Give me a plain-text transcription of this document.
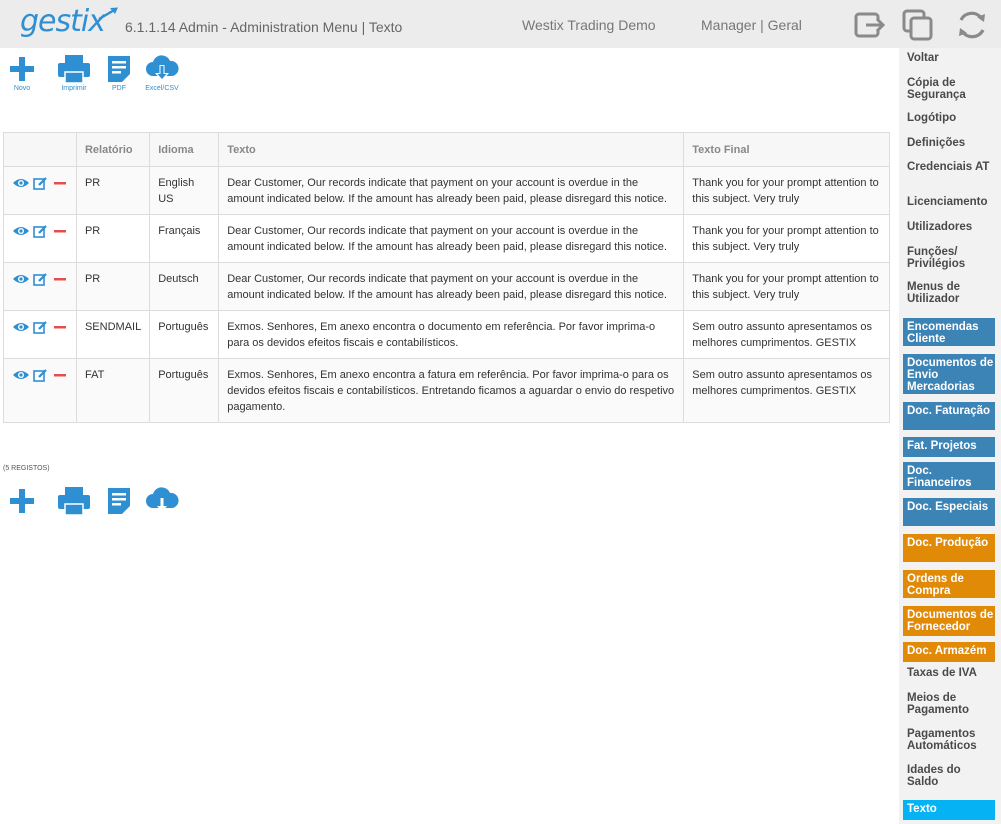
gestix 6.1.1.14 Admin - Administration Menu | Texto	Westix Trading Demo	Manager | Geral
Novo	Imprimir	PDF	Excel/CSV
	Relatório	Idioma	Texto	Texto Final
	PR	English US	Dear Customer, Our records indicate that payment on your account is overdue in the amount indicated below. If the amount has already been paid, please disregard this notice.	Thank you for your prompt attention to this subject. Very truly
	PR	Français	Dear Customer, Our records indicate that payment on your account is overdue in the amount indicated below. If the amount has already been paid, please disregard this notice.	Thank you for your prompt attention to this subject. Very truly
	PR	Deutsch	Dear Customer, Our records indicate that payment on your account is overdue in the amount indicated below. If the amount has already been paid, please disregard this notice.	Thank you for your prompt attention to this subject. Very truly
	SENDMAIL	Português	Exmos. Senhores, Em anexo encontra o documento em referência. Por favor imprima-o para os devidos efeitos fiscais e contabilísticos.	Sem outro assunto apresentamos os melhores cumprimentos. GESTIX
	FAT	Português	Exmos. Senhores, Em anexo encontra a fatura em referência. Por favor imprima-o para os devidos efeitos fiscais e contabilísticos. Entretando ficamos a aguardar o envio do respetivo pagamento.	Sem outro assunto apresentamos os melhores cumprimentos. GESTIX
(5 REGISTOS)
Voltar
Cópia de Segurança
Logótipo
Definições
Credenciais AT
Licenciamento
Utilizadores
Funções/ Privilégios
Menus de Utilizador
Encomendas Cliente
Documentos de Envio Mercadorias
Doc. Faturação
Fat. Projetos
Doc. Financeiros
Doc. Especiais
Doc. Produção
Ordens de Compra
Documentos de Fornecedor
Doc. Armazém
Taxas de IVA
Meios de Pagamento
Pagamentos Automáticos
Idades do Saldo
Texto
